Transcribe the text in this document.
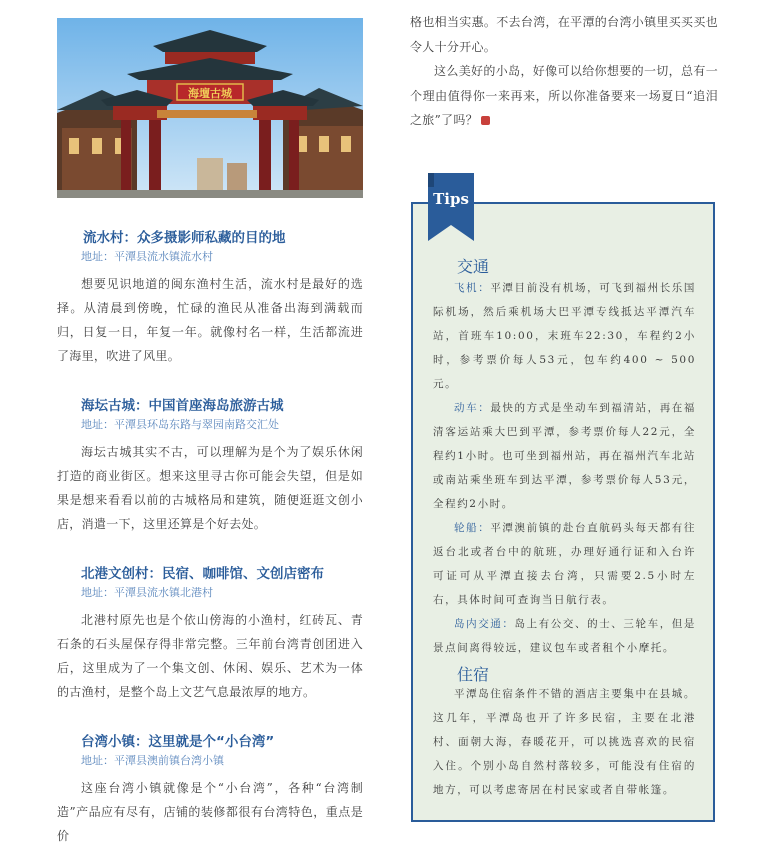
海壇古城
流水村：众多摄影师私藏的目的地

地址：平潭县流水镇流水村

想要见识地道的闽东渔村生活，流水村是最好的选择。从清晨到傍晚，忙碌的渔民从准备出海到满载而归，日复一日，年复一年。就像村名一样，生活都流进了海里，吹进了风里。

海坛古城：中国首座海岛旅游古城

地址：平潭县环岛东路与翠园南路交汇处

海坛古城其实不古，可以理解为是个为了娱乐休闲打造的商业街区。想来这里寻古你可能会失望，但是如果是想来看看以前的古城格局和建筑，随便逛逛文创小店，消遣一下，这里还算是个好去处。

北港文创村：民宿、咖啡馆、文创店密布

地址：平潭县流水镇北港村

北港村原先也是个依山傍海的小渔村，红砖瓦、青石条的石头屋保存得非常完整。三年前台湾青创团进入后，这里成为了一个集文创、休闲、娱乐、艺术为一体的古渔村，是整个岛上文艺气息最浓厚的地方。

台湾小镇：这里就是个“小台湾”

地址：平潭县澳前镇台湾小镇

这座台湾小镇就像是个“小台湾”，各种“台湾制造”产品应有尽有，店铺的装修都很有台湾特色，重点是价

格也相当实惠。不去台湾，在平潭的台湾小镇里买买买也令人十分开心。

这么美好的小岛，好像可以给你想要的一切，总有一个理由值得你一来再来，所以你准备要来一场夏日“追泪之旅”了吗？

Tips
交通

飞机：平潭目前没有机场，可飞到福州长乐国际机场，然后乘机场大巴平潭专线抵达平潭汽车站，首班车10:00，末班车22:30，车程约2小时，参考票价每人53元，包车约400 ~ 500元。

动车：最快的方式是坐动车到福清站，再在福清客运站乘大巴到平潭，参考票价每人22元，全程约1小时。也可坐到福州站，再在福州汽车北站或南站乘坐班车到达平潭，参考票价每人53元，全程约2小时。

轮船：平潭澳前镇的赴台直航码头每天都有往返台北或者台中的航班，办理好通行证和入台许可证可从平潭直接去台湾，只需要2.5小时左右，具体时间可查询当日航行表。

岛内交通：岛上有公交、的士、三轮车，但是景点间离得较远，建议包车或者租个小摩托。

住宿

平潭岛住宿条件不错的酒店主要集中在县城。这几年，平潭岛也开了许多民宿，主要在北港村、面朝大海，春暖花开，可以挑选喜欢的民宿入住。个别小岛自然村落较多，可能没有住宿的地方，可以考虑寄居在村民家或者自带帐篷。
